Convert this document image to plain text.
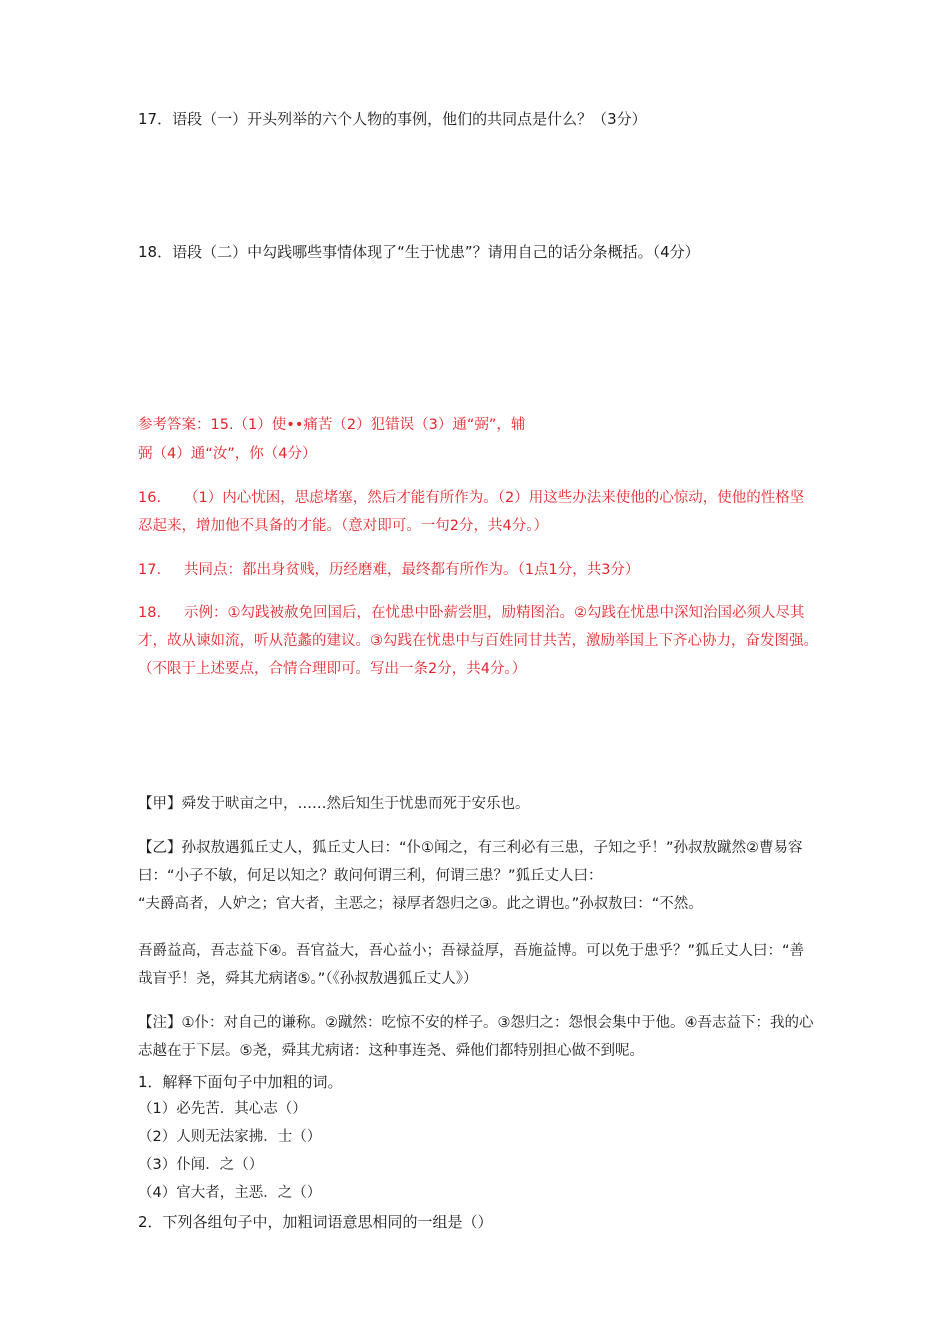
17．语段（一）开头列举的六个人物的事例，他们的共同点是什么？（3分）

18．语段（二）中勾践哪些事情体现了“生于忧患”？请用自己的话分条概括。（4分）

参考答案：15.（1）使••痛苦（2）犯错误（3）通“弼”，辅

弼（4）通“汝”，你（4分）

16. （1）内心忧困，思虑堵塞，然后才能有所作为。（2）用这些办法来使他的心惊动，使他的性格坚忍起来，增加他不具备的才能。（意对即可。一句2分，共4分。）

17. 共同点：都出身贫贱，历经磨难，最终都有所作为。（1点1分，共3分）

18. 示例：①勾践被赦免回国后，在忧患中卧薪尝胆，励精图治。②勾践在忧患中深知治国必须人尽其才，故从谏如流，听从范蠡的建议。③勾践在忧患中与百姓同甘共苦，激励举国上下齐心协力，奋发图强。（不限于上述要点，合情合理即可。写出一条2分，共4分。）

【甲】舜发于畎亩之中，……然后知生于忧患而死于安乐也。

【乙】孙叔敖遇狐丘丈人，狐丘丈人曰：“仆①闻之，有三利必有三患，子知之乎！”孙叔敖蹴然②曹易容曰：“小子不敏，何足以知之？敢问何谓三利，何谓三患？”狐丘丈人曰：

“夫爵高者，人妒之；官大者，主恶之；禄厚者怨归之③。此之谓也。”孙叔敖曰：“不然。

吾爵益高，吾志益下④。吾官益大，吾心益小；吾禄益厚，吾施益博。可以免于患乎？”狐丘丈人曰：“善哉盲乎！尧，舜其尤病诸⑤。”（《孙叔敖遇狐丘丈人》）

【注】①仆：对自己的谦称。②蹴然：吃惊不安的样子。③怨归之：怨恨会集中于他。④吾志益下：我的心志越在于下层。⑤尧，舜其尤病诸：这种事连尧、舜他们都特别担心做不到呢。

1．解释下面句子中加粗的词。

（1）必先苦．其心志（）

（2）人则无法家拂．士（）

（3）仆闻．之（）

（4）官大者，主恶．之（）

2．下列各组句子中，加粗词语意思相同的一组是（）
